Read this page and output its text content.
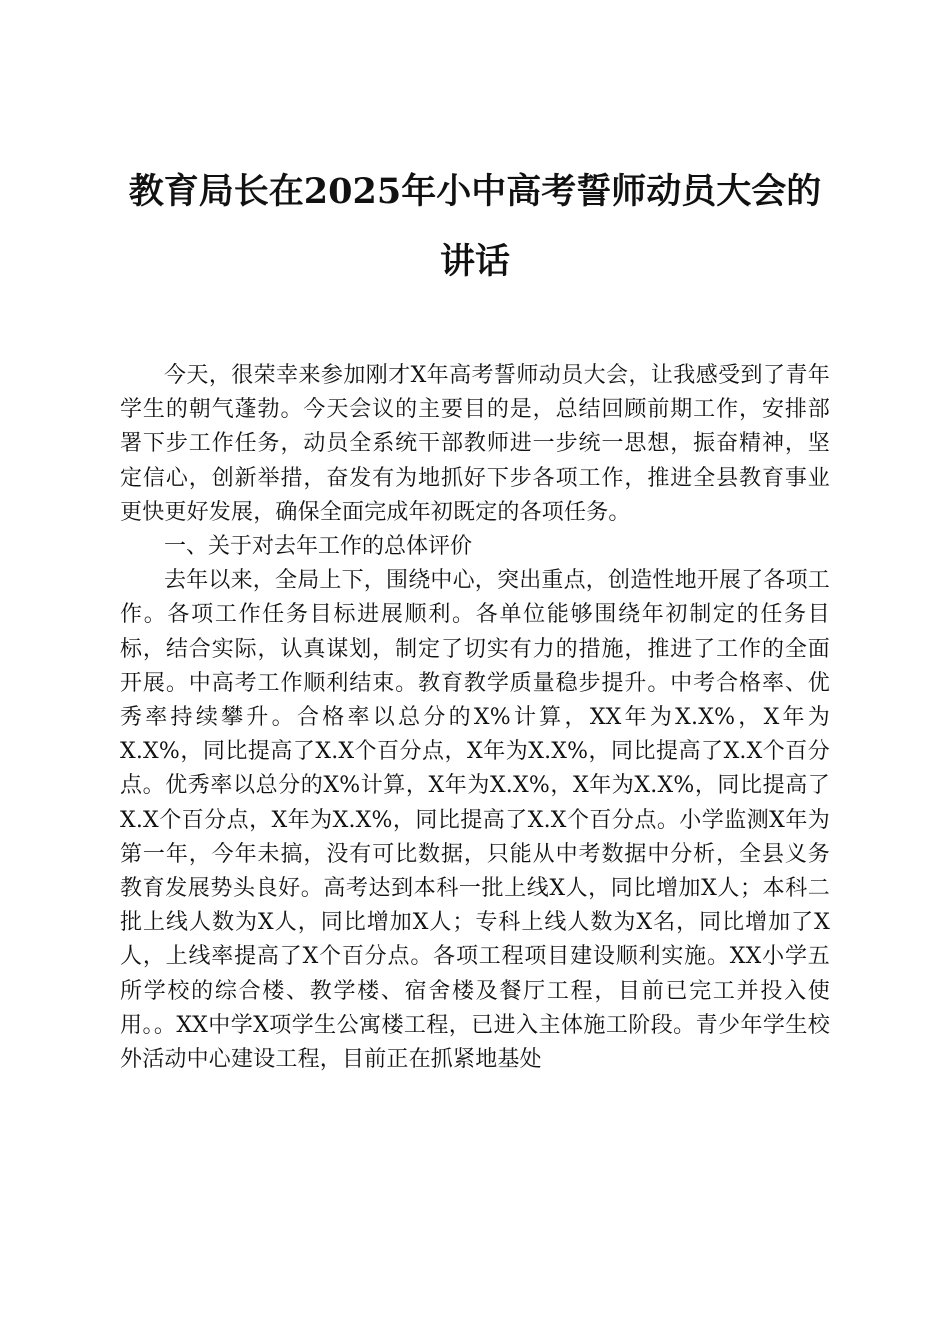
教育局长在2025年小中高考誓师动员大会的
讲话

今天，很荣幸来参加刚才X年高考誓师动员大会，让我感受到了青年学生的朝气蓬勃。今天会议的主要目的是，总结回顾前期工作，安排部署下步工作任务，动员全系统干部教师进一步统一思想，振奋精神，坚定信心，创新举措，奋发有为地抓好下步各项工作，推进全县教育事业更快更好发展，确保全面完成年初既定的各项任务。

一、关于对去年工作的总体评价

去年以来，全局上下，围绕中心，突出重点，创造性地开展了各项工作。各项工作任务目标进展顺利。各单位能够围绕年初制定的任务目标，结合实际，认真谋划，制定了切实有力的措施，推进了工作的全面开展。中高考工作顺利结束。教育教学质量稳步提升。中考合格率、优秀率持续攀升。合格率以总分的X%计算，XX年为X.X%，X年为X.X%，同比提高了X.X个百分点，X年为X.X%，同比提高了X.X个百分点。优秀率以总分的X%计算，X年为X.X%，X年为X.X%，同比提高了X.X个百分点，X年为X.X%，同比提高了X.X个百分点。小学监测X年为第一年，今年未搞，没有可比数据，只能从中考数据中分析，全县义务教育发展势头良好。高考达到本科一批上线X人，同比增加X人；本科二批上线人数为X人，同比增加X人；专科上线人数为X名，同比增加了X人，上线率提高了X个百分点。各项工程项目建设顺利实施。XX小学五所学校的综合楼、教学楼、宿舍楼及餐厅工程，目前已完工并投入使用。。XX中学X项学生公寓楼工程，已进入主体施工阶段。青少年学生校外活动中心建设工程，目前正在抓紧地基处
